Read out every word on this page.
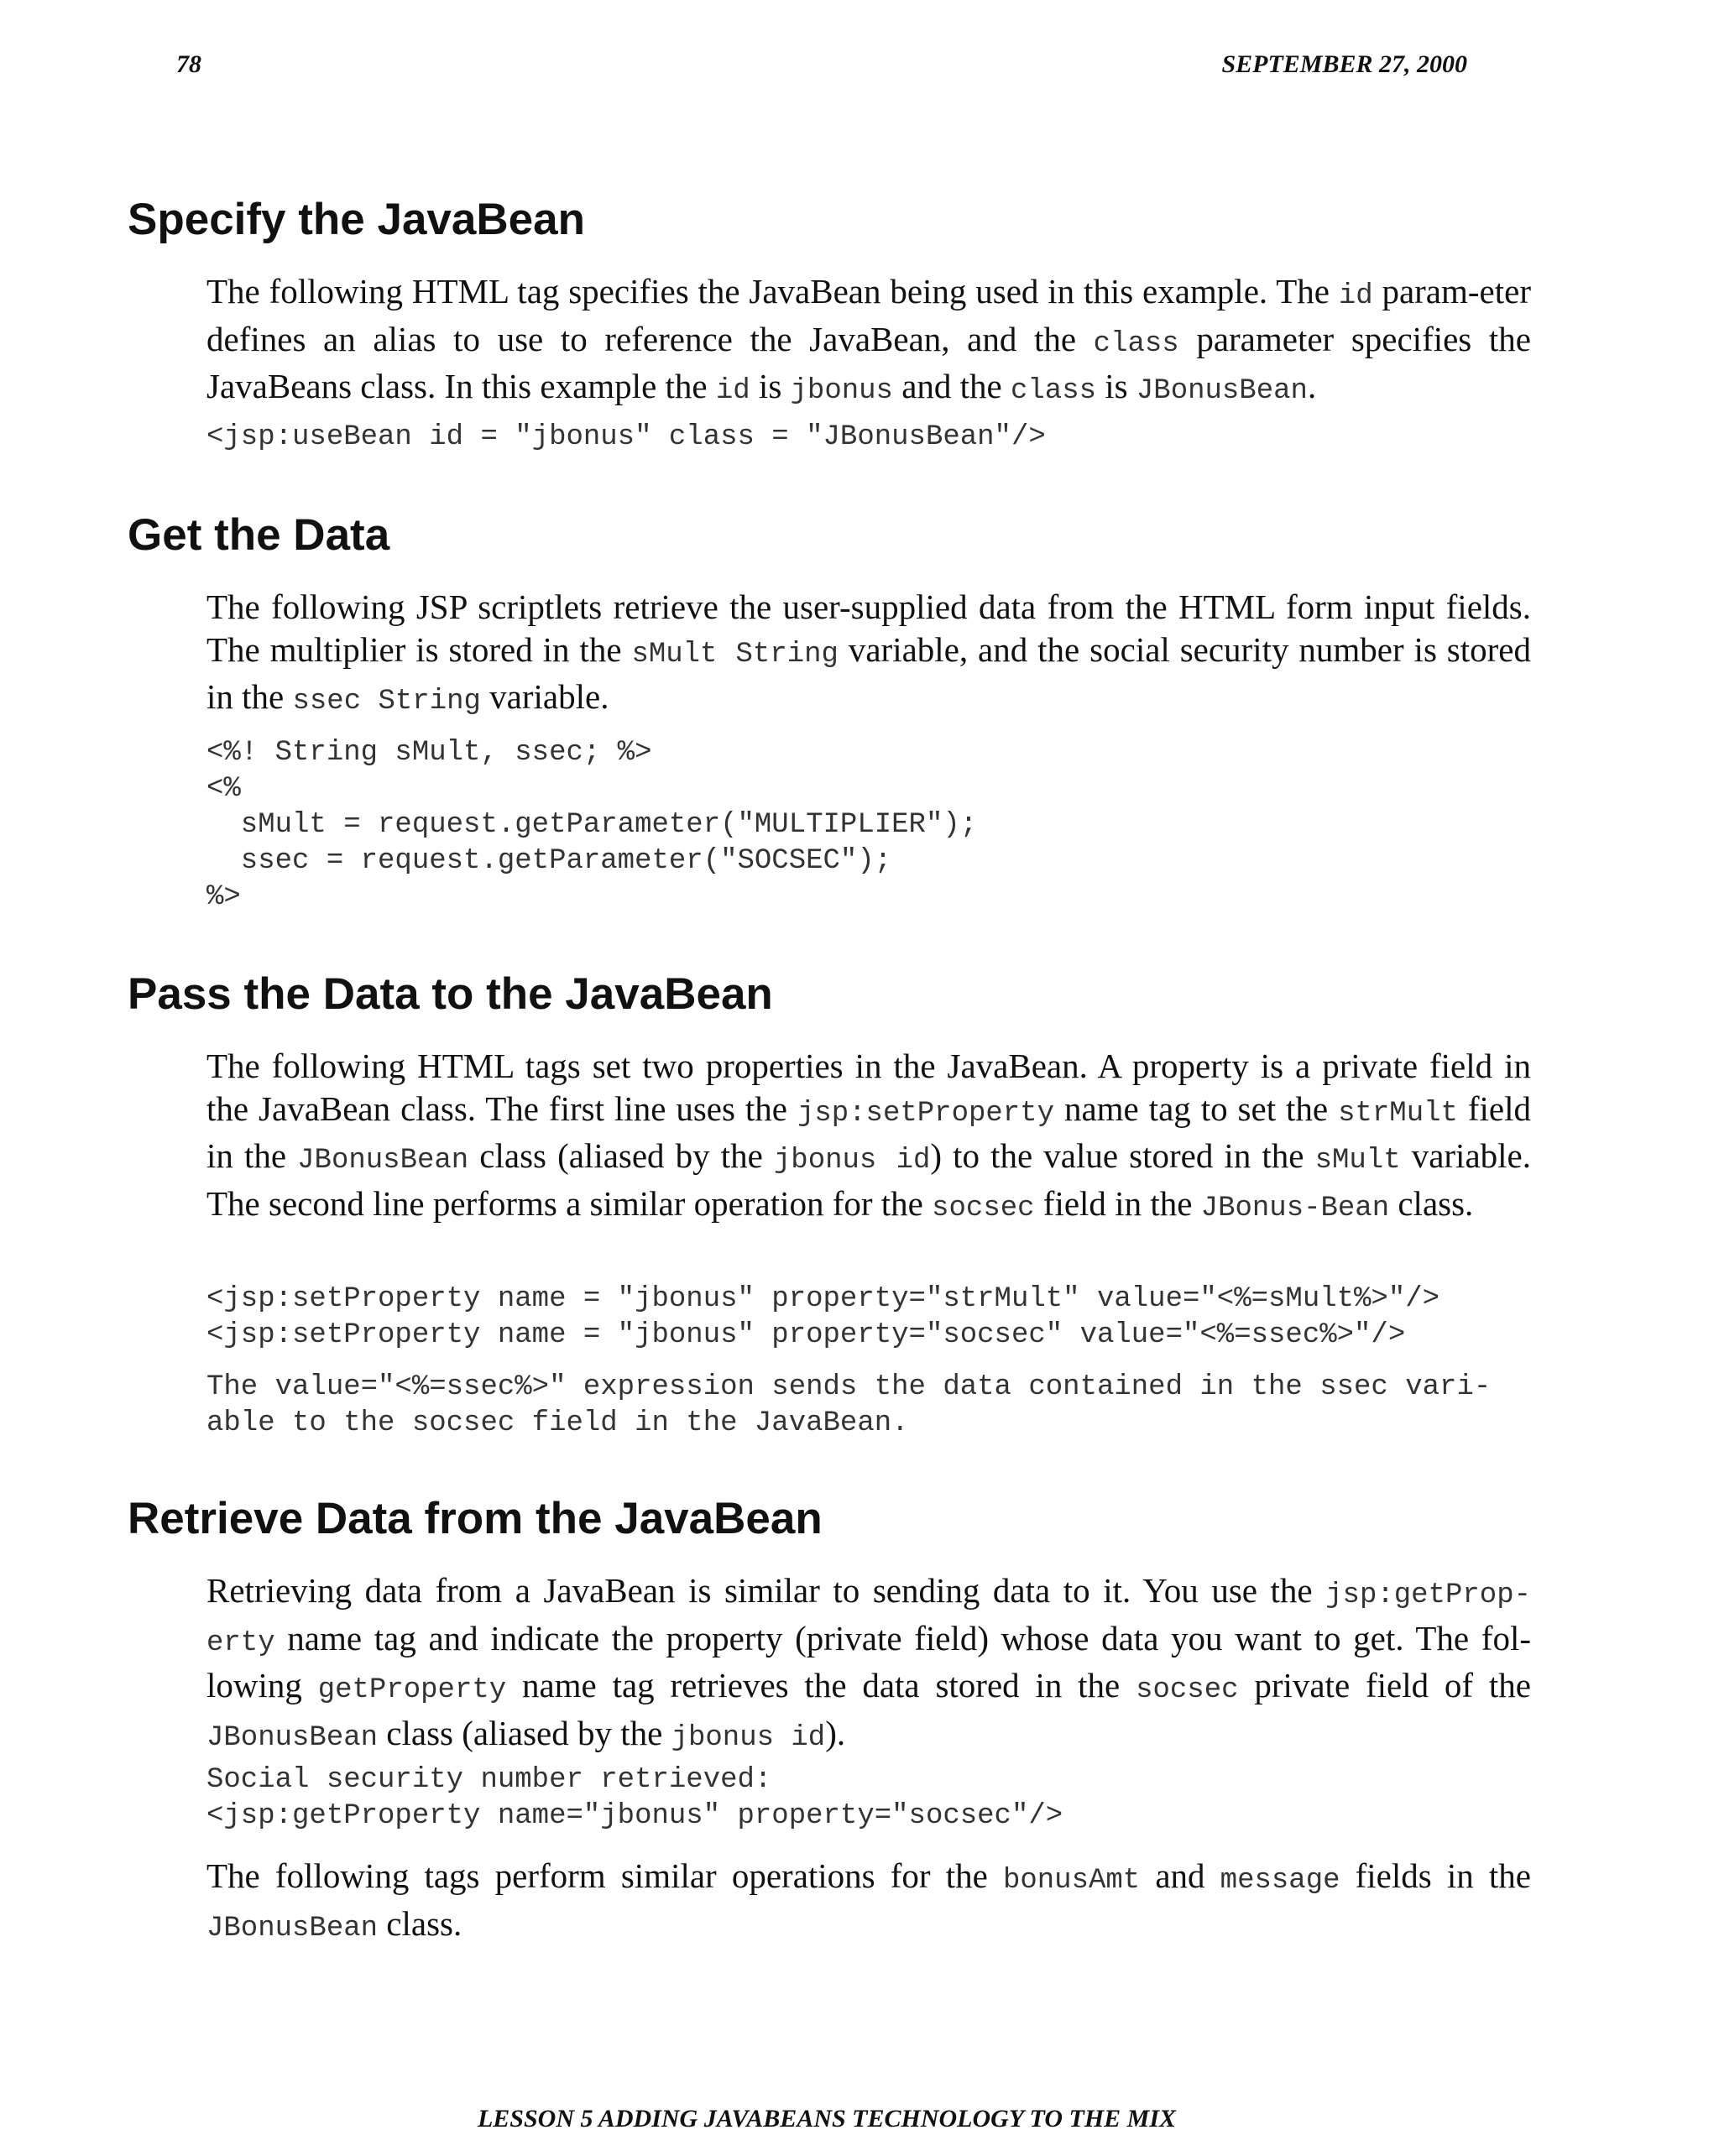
78	SEPTEMBER 27, 2000
Specify the JavaBean

The following HTML tag specifies the JavaBean being used in this example. The id param-eter defines an alias to use to reference the JavaBean, and the class parameter specifies the JavaBeans class. In this example the id is jbonus and the class is JBonusBean.

<jsp:useBean id = "jbonus" class = "JBonusBean"/>
Get the Data

The following JSP scriptlets retrieve the user-supplied data from the HTML form input fields. The multiplier is stored in the sMult String variable, and the social security number is stored in the ssec String variable.

<%! String sMult, ssec; %>
<%
sMult = request.getParameter("MULTIPLIER");
ssec = request.getParameter("SOCSEC");
%>
Pass the Data to the JavaBean

The following HTML tags set two properties in the JavaBean. A property is a private field in the JavaBean class. The first line uses the jsp:setProperty name tag to set the strMult field in the JBonusBean class (aliased by the jbonus id) to the value stored in the sMult variable. The second line performs a similar operation for the socsec field in the JBonus-Bean class.

<jsp:setProperty name = "jbonus" property="strMult" value="<%=sMult%>"/>
<jsp:setProperty name = "jbonus" property="socsec" value="<%=ssec%>"/>
The value="<%=ssec%>" expression sends the data contained in the ssec vari-
able to the socsec field in the JavaBean.
Retrieve Data from the JavaBean

Retrieving data from a JavaBean is similar to sending data to it. You use the jsp:getProp-erty name tag and indicate the property (private field) whose data you want to get. The fol-lowing getProperty name tag retrieves the data stored in the socsec private field of the JBonusBean class (aliased by the jbonus id).

Social security number retrieved:
<jsp:getProperty name="jbonus" property="socsec"/>

The following tags perform similar operations for the bonusAmt and message fields in the JBonusBean class.

LESSON 5 ADDING JAVABEANS TECHNOLOGY TO THE MIX
